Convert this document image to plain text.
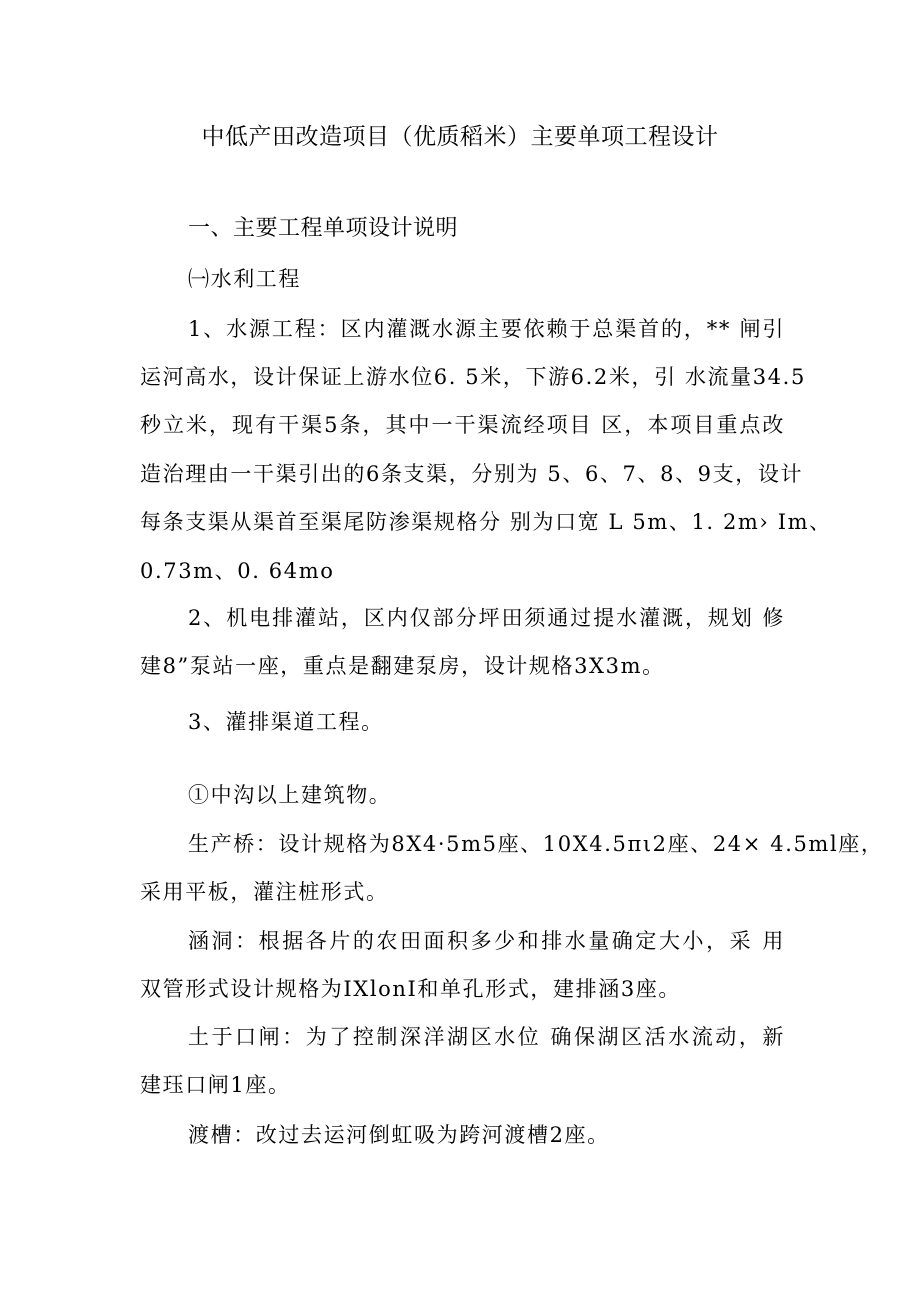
中低产田改造项目（优质稻米）主要单项工程设计
一、主要工程单项设计说明
㈠水利工程
1、水源工程：区内灌溉水源主要依赖于总渠首的，** 闸引
运河高水，设计保证上游水位6. 5米，下游6.2米，引 水流量34.5
秒立米，现有干渠5条，其中一干渠流经项目 区，本项目重点改
造治理由一干渠引出的6条支渠，分别为 5、6、7、8、9支，设计
每条支渠从渠首至渠尾防渗渠规格分 别为口宽 L 5m、1. 2m› Im、
0.73m、0. 64mo
2、机电排灌站，区内仅部分坪田须通过提水灌溉，规划 修
建8”泵站一座，重点是翻建泵房，设计规格3X3m。
3、灌排渠道工程。
①中沟以上建筑物。
生产桥：设计规格为8X4·5m5座、10X4.5πι2座、24× 4.5ml座，
采用平板，灌注桩形式。
涵洞：根据各片的农田面积多少和排水量确定大小，采 用
双管形式设计规格为IXlonI和单孔形式，建排涵3座。
土于口闸：为了控制深洋湖区水位 确保湖区活水流动，新
建珏口闸1座。
渡槽：改过去运河倒虹吸为跨河渡槽2座。
